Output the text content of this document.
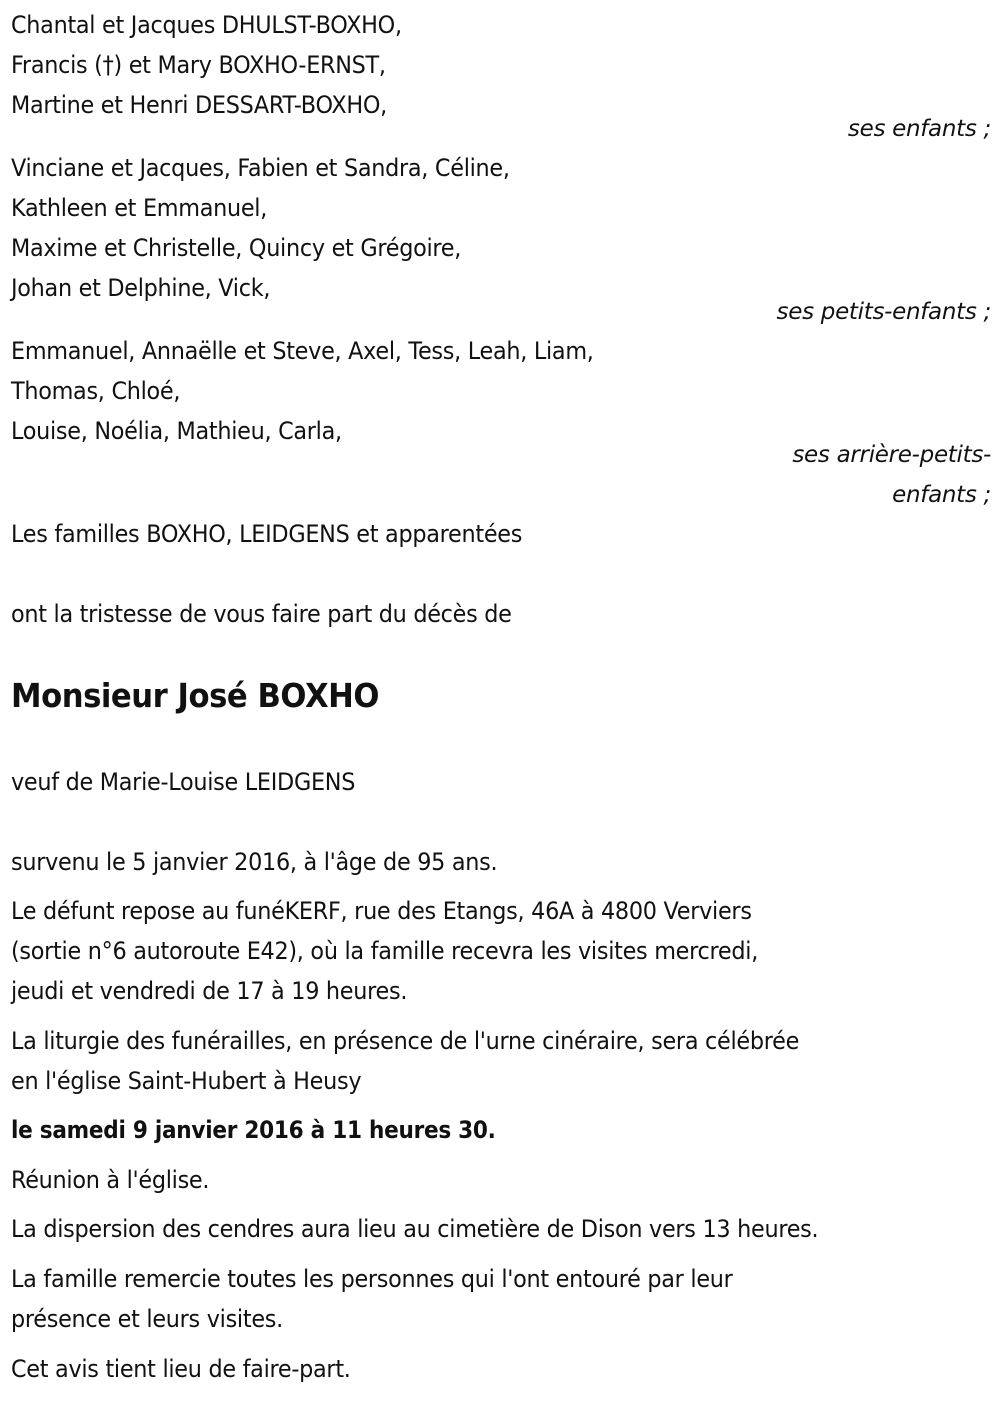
Chantal et Jacques DHULST-BOXHO,
Francis (†) et Mary BOXHO-ERNST,
Martine et Henri DESSART-BOXHO,
ses enfants ;
Vinciane et Jacques, Fabien et Sandra, Céline,
Kathleen et Emmanuel,
Maxime et Christelle, Quincy et Grégoire,
Johan et Delphine, Vick,
ses petits-enfants ;
Emmanuel, Annaëlle et Steve, Axel, Tess, Leah, Liam,
Thomas, Chloé,
Louise, Noélia, Mathieu, Carla,
ses arrière-petits-
enfants ;
Les familles BOXHO, LEIDGENS et apparentées
ont la tristesse de vous faire part du décès de
Monsieur José BOXHO
veuf de Marie-Louise LEIDGENS
survenu le 5 janvier 2016, à l'âge de 95 ans.
Le défunt repose au funéKERF, rue des Etangs, 46A à 4800 Verviers
(sortie n°6 autoroute E42), où la famille recevra les visites mercredi,
jeudi et vendredi de 17 à 19 heures.
La liturgie des funérailles, en présence de l'urne cinéraire, sera célébrée
en l'église Saint-Hubert à Heusy
le samedi 9 janvier 2016 à 11 heures 30.
Réunion à l'église.
La dispersion des cendres aura lieu au cimetière de Dison vers 13 heures.
La famille remercie toutes les personnes qui l'ont entouré par leur
présence et leurs visites.
Cet avis tient lieu de faire-part.
